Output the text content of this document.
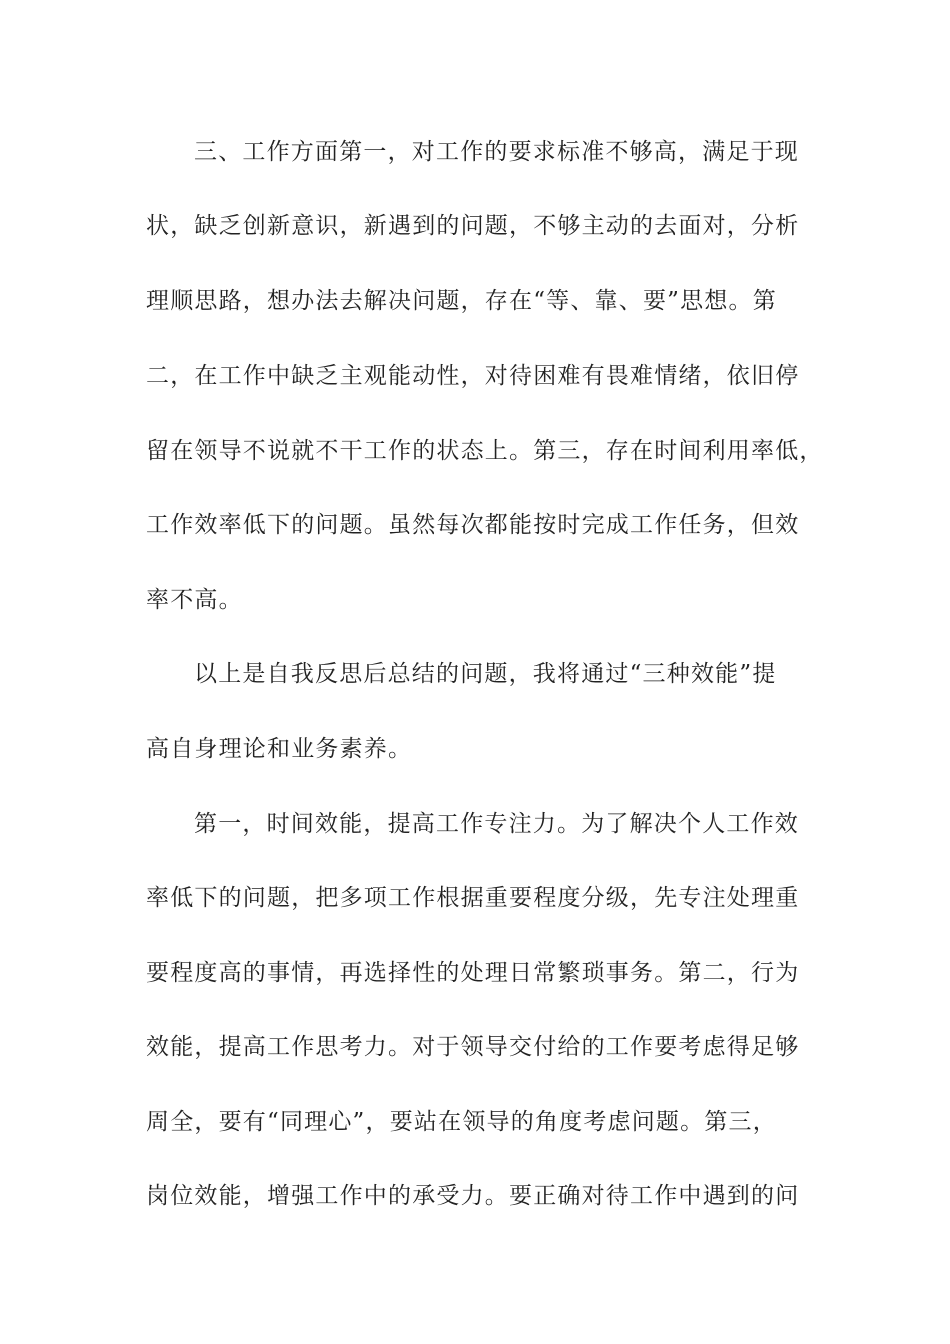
三、工作方面第一，对工作的要求标准不够高，满足于现
状，缺乏创新意识，新遇到的问题，不够主动的去面对，分析
理顺思路，想办法去解决问题，存在“等、靠、要”思想。第
二，在工作中缺乏主观能动性，对待困难有畏难情绪，依旧停
留在领导不说就不干工作的状态上。第三，存在时间利用率低，
工作效率低下的问题。虽然每次都能按时完成工作任务，但效
率不高。
以上是自我反思后总结的问题，我将通过“三种效能”提
高自身理论和业务素养。
第一，时间效能，提高工作专注力。为了解决个人工作效
率低下的问题，把多项工作根据重要程度分级，先专注处理重
要程度高的事情，再选择性的处理日常繁琐事务。第二，行为
效能，提高工作思考力。对于领导交付给的工作要考虑得足够
周全，要有“同理心”，要站在领导的角度考虑问题。第三，
岗位效能，增强工作中的承受力。要正确对待工作中遇到的问
